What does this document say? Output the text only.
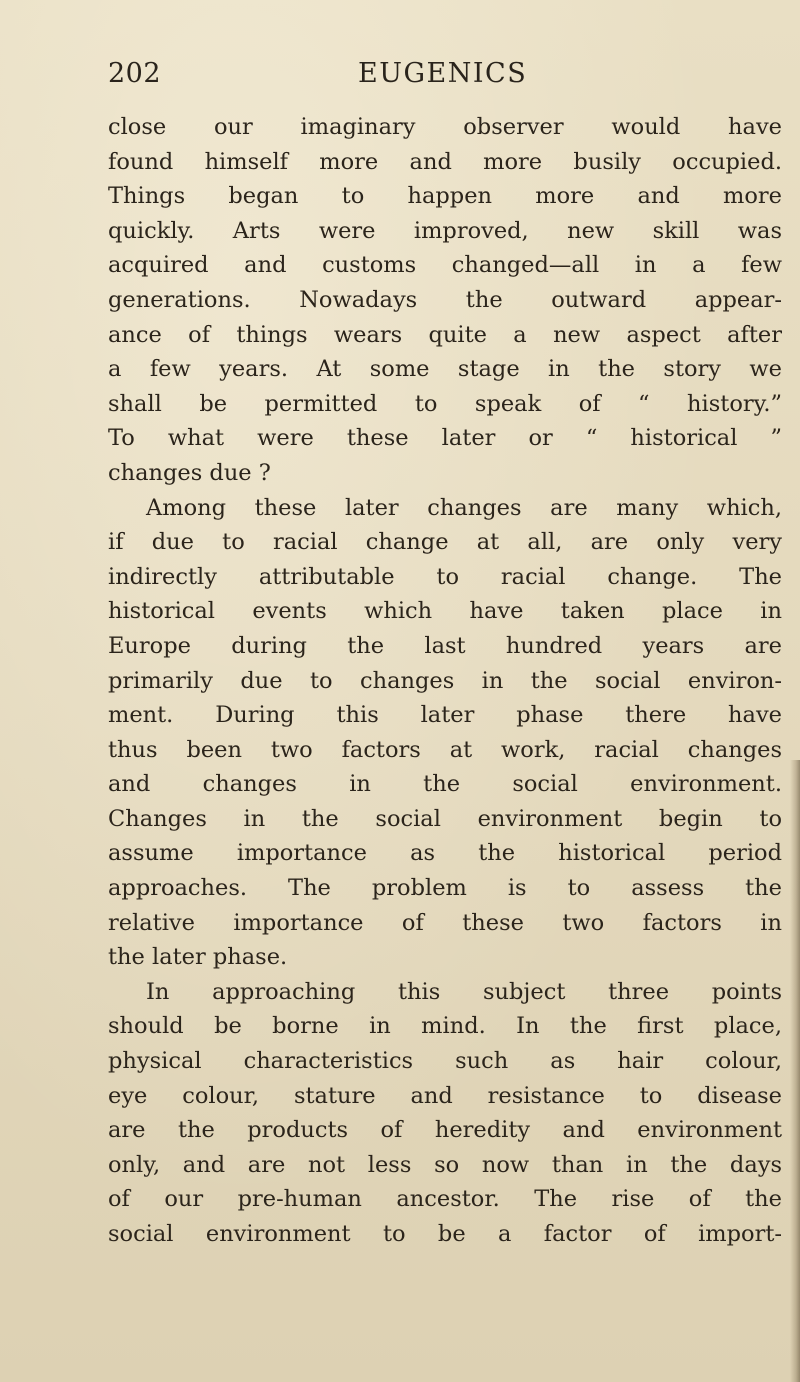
202	EUGENICS
close our imaginary observer would have
found himself more and more busily occupied.
Things began to happen more and more
quickly. Arts were improved, new skill was
acquired and customs changed—all in a few
generations. Nowadays the outward appear-
ance of things wears quite a new aspect after
a few years. At some stage in the story we
shall be permitted to speak of “ history.”
To what were these later or “ historical ”
changes due ?
Among these later changes are many which,
if due to racial change at all, are only very
indirectly attributable to racial change. The
historical events which have taken place in
Europe during the last hundred years are
primarily due to changes in the social environ-
ment. During this later phase there have
thus been two factors at work, racial changes
and changes in the social environment.
Changes in the social environment begin to
assume importance as the historical period
approaches. The problem is to assess the
relative importance of these two factors in
the later phase.
In approaching this subject three points
should be borne in mind. In the first place,
physical characteristics such as hair colour,
eye colour, stature and resistance to disease
are the products of heredity and environment
only, and are not less so now than in the days
of our pre-human ancestor. The rise of the
social environment to be a factor of import-
